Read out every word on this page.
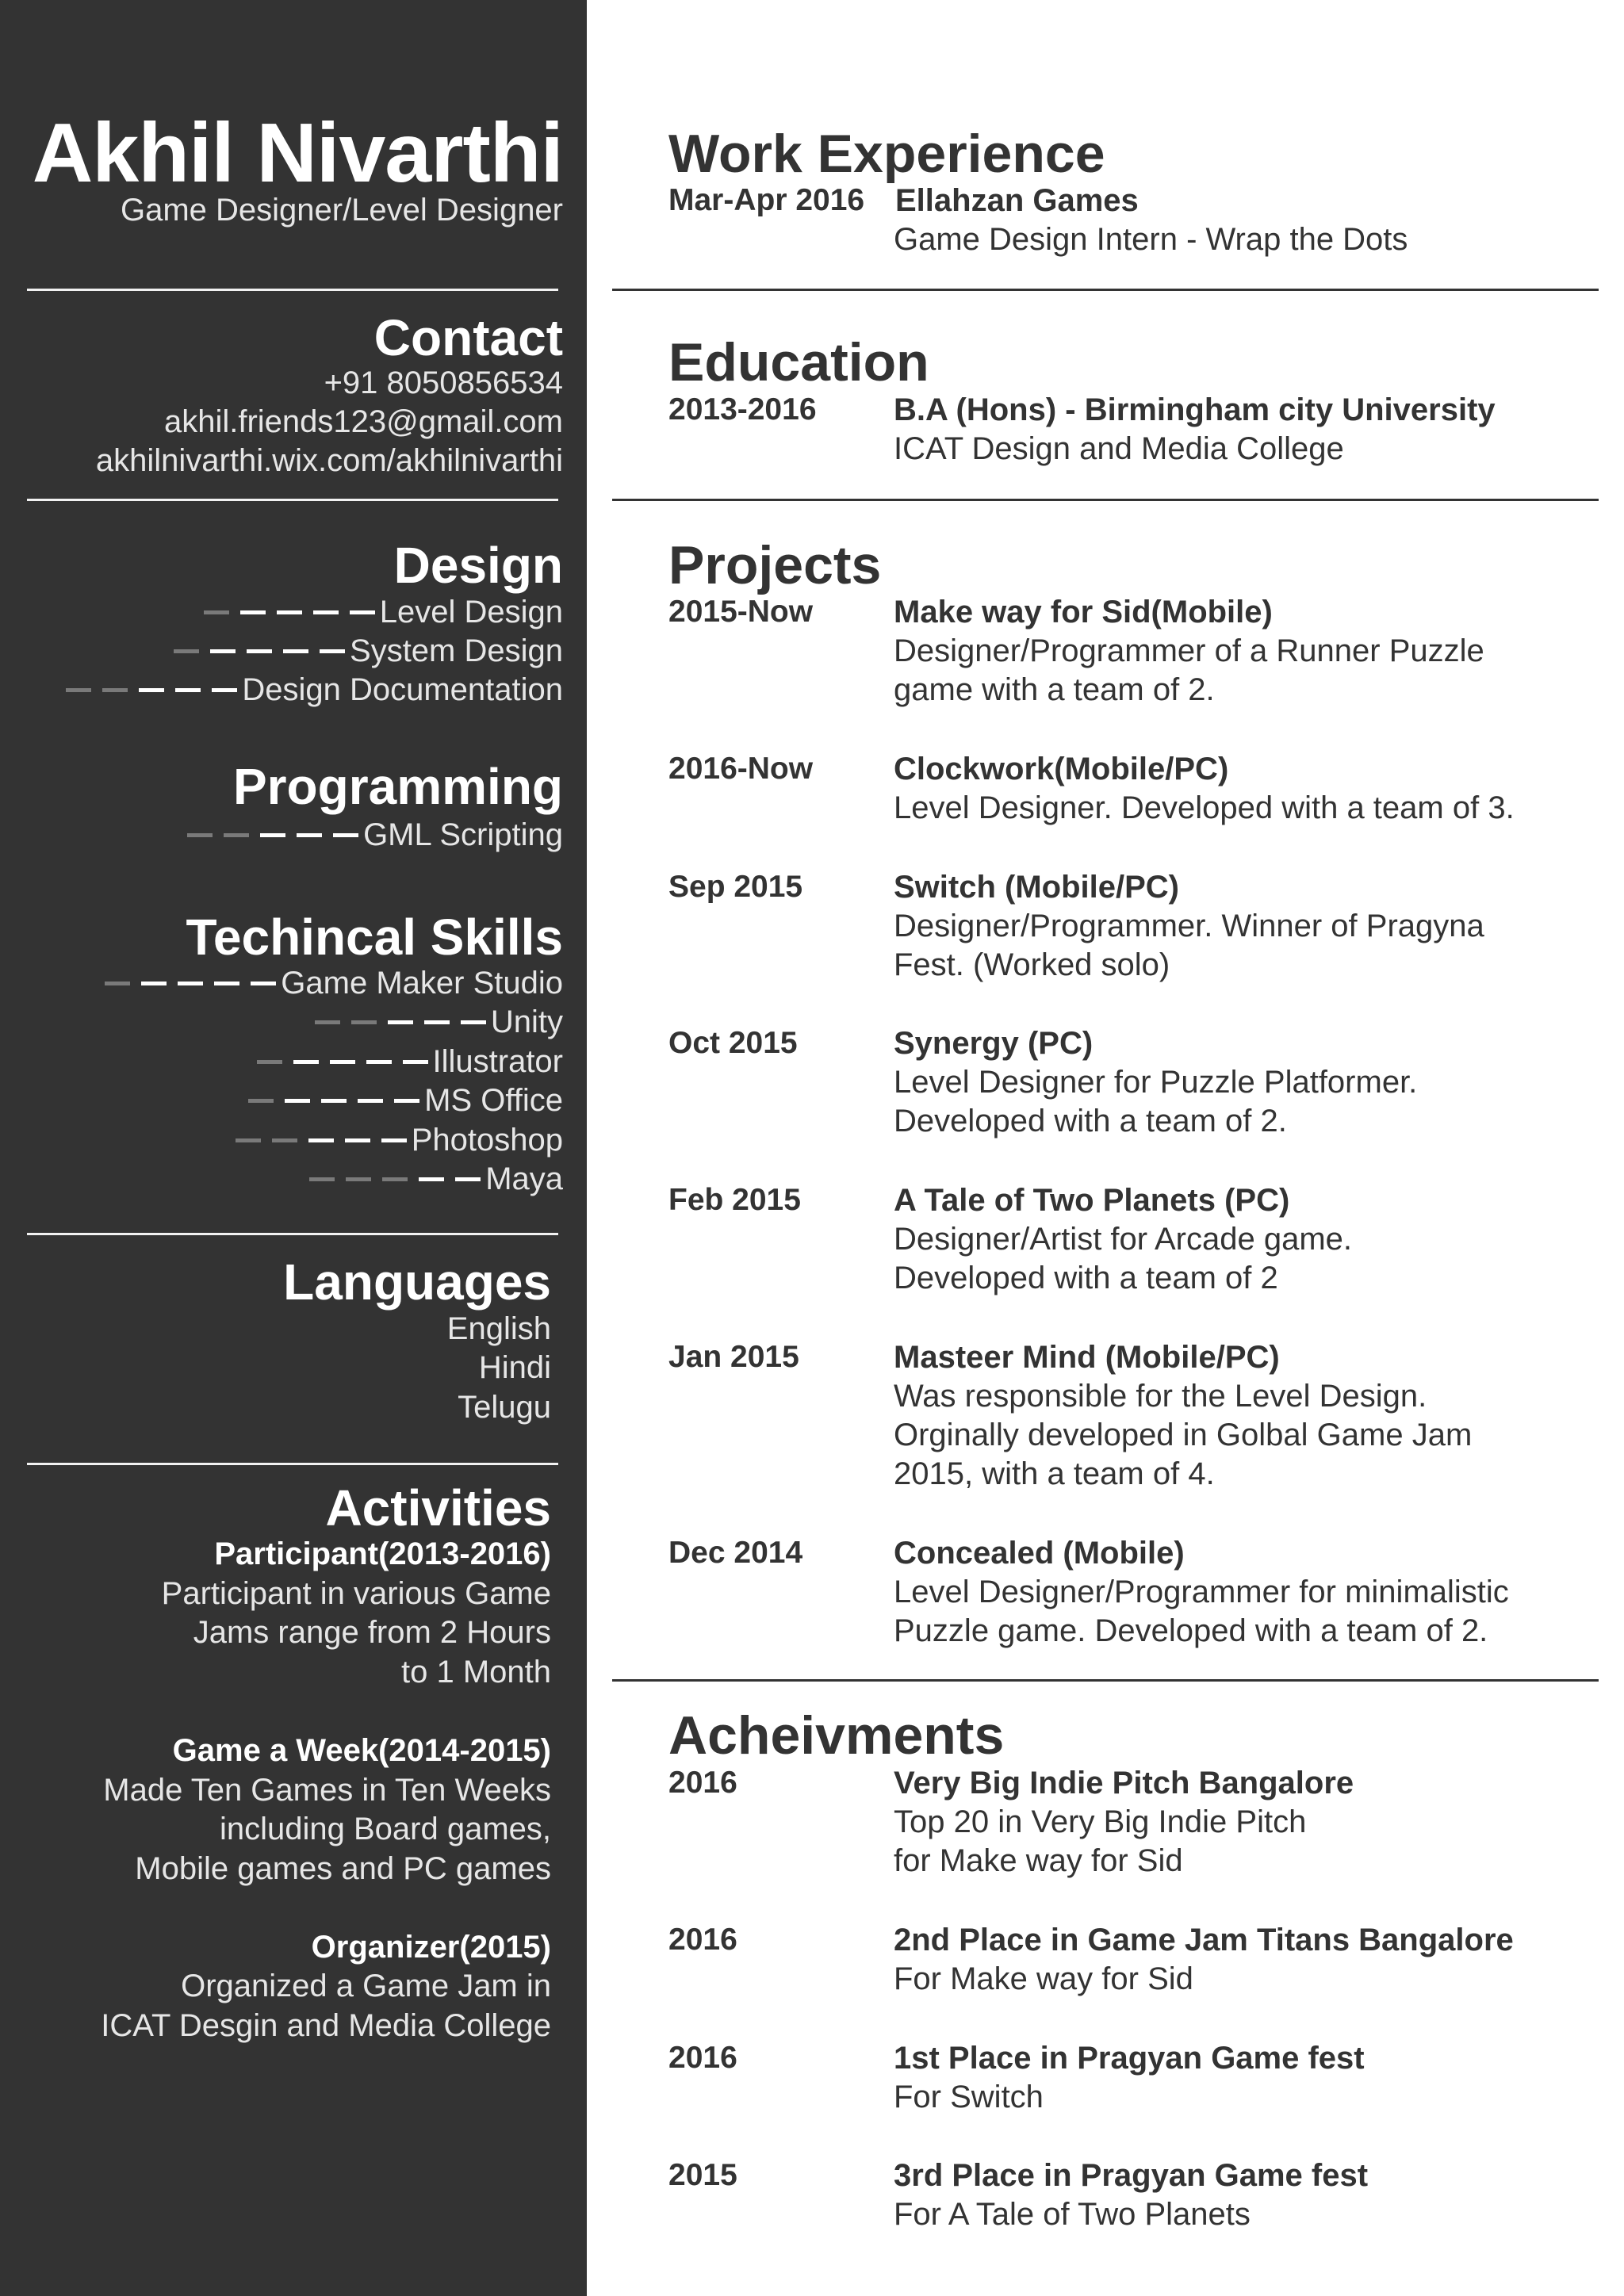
Akhil Nivarthi
Game Designer/Level Designer
Contact
+91 8050856534
akhil.friends123@gmail.com
akhilnivarthi.wix.com/akhilnivarthi
Design
Level Design
System Design
Design Documentation
Programming
GML Scripting
Techincal Skills
Game Maker Studio
Unity
Illustrator
MS Office
Photoshop
Maya
Languages
English
Hindi
Telugu
Activities
Participant(2013-2016)
Participant in various Game
Jams range from 2 Hours
to 1 Month
Game a Week(2014-2015)
Made Ten Games in Ten Weeks
including Board games,
Mobile games and PC games
Organizer(2015)
Organized a Game Jam in
ICAT Desgin and Media College
Work Experience
Mar-Apr 2016 Ellahzan Games
Game Design Intern - Wrap the Dots
Education
2013-2016 B.A (Hons) - Birmingham city University
ICAT Design and Media College
Projects
2015-Now	Make way for Sid(Mobile)
Designer/Programmer of a Runner Puzzle
game with a team of 2.
2016-Now	Clockwork(Mobile/PC)
Level Designer. Developed with a team of 3.
Sep 2015	Switch (Mobile/PC)
Designer/Programmer. Winner of Pragyna
Fest. (Worked solo)
Oct 2015	Synergy (PC)
Level Designer for Puzzle Platformer.
Developed with a team of 2.
Feb 2015	A Tale of Two Planets (PC)
Designer/Artist for Arcade game.
Developed with a team of 2
Jan 2015	Masteer Mind (Mobile/PC)
Was responsible for the Level Design.
Orginally developed in Golbal Game Jam
2015, with a team of 4.
Dec 2014	Concealed (Mobile)
Level Designer/Programmer for minimalistic
Puzzle game. Developed with a team of 2.
Acheivments
2016	Very Big Indie Pitch Bangalore
Top 20 in Very Big Indie Pitch
for Make way for Sid
2016	2nd Place in Game Jam Titans Bangalore
For Make way for Sid
2016	1st Place in Pragyan Game fest
For Switch
2015	3rd Place in Pragyan Game fest
For A Tale of Two Planets
